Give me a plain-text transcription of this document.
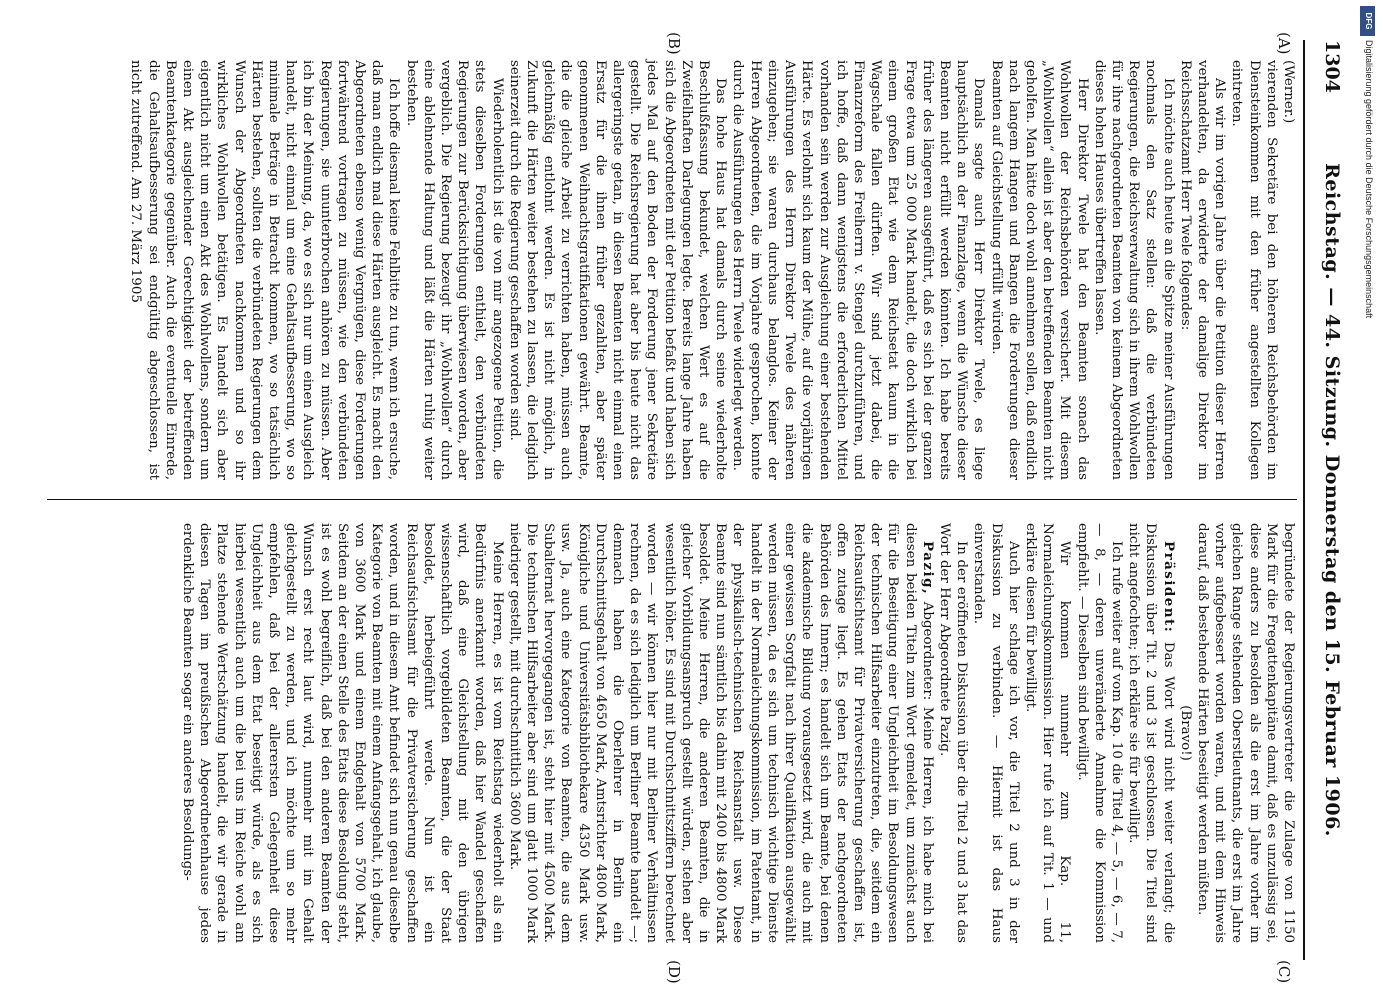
1304
Reichstag. — 44. Sitzung. Donnerstag den 15. Februar 1906.
(A)
(B)
(C)
(D)

(Werner.)

vierenden Sekretäre bei den höheren Reichsbehörden im Diensteinkommen mit den früher angestellten Kollegen eintreten.

Als wir im vorigen Jahre über die Petition dieser Herren verhandelten, da erwiderte der damalige Direktor im Reichsschatzamt Herr Twele folgendes:

Ich möchte auch heute an die Spitze meiner Ausführungen nochmals den Satz stellen: daß die verbündeten Regierungen, die Reichsverwaltung sich in ihrem Wohlwollen für ihre nachgeordneten Beamten von keinem Abgeordneten dieses hohen Hauses übertreffen lassen.

Herr Direktor Twele hat den Beamten sonach das Wohlwollen der Reichsbehörden versichert. Mit diesem „Wohlwollen“ allein ist aber den betreffenden Beamten nicht geholfen. Man hätte doch wohl annehmen sollen, daß endlich nach langem Hangen und Bangen die Forderungen dieser Beamten auf Gleichstellung erfüllt würden.

Damals sagte auch Herr Direktor Twele, es liege hauptsächlich an der Finanzlage, wenn die Wünsche dieser Beamten nicht erfüllt werden könnten. Ich habe bereits früher des längeren ausgeführt, daß es sich bei der ganzen Frage etwa um 25 000 Mark handelt, die doch wirklich bei einem großen Etat wie dem Reichsetat kaum in die Wagschale fallen dürften. Wir sind jetzt dabei, die Finanzreform des Freiherrn v. Stengel durchzuführen, und ich hoffe, daß dann wenigstens die erforderlichen Mittel vorhanden sein werden zur Ausgleichung einer bestehenden Härte. Es verlohnt sich kaum der Mühe, auf die vorjährigen Ausführungen des Herrn Direktor Twele des näheren einzugehen; sie waren durchaus belanglos. Keiner der Herren Abgeordneten, die im Vorjahre gesprochen, konnte durch die Ausführungen des Herrn Twele widerlegt werden.

Das hohe Haus hat damals durch seine wiederholte Beschlußfassung bekundet, welchen Wert es auf die Zweifelhaften Darlegungen legte. Bereits lange Jahre haben sich die Abgeordneten mit der Petition befaßt und haben sich jedes Mal auf den Boden der Forderung jener Sekretäre gestellt. Die Reichsregierung hat aber bis heute nicht das allergeringste getan, in diesen Beamten nicht einmal einen Ersatz für die ihnen früher gezahlten, aber später genommenen Weihnachtsgratifikationen gewährt. Beamte, die die gleiche Arbeit zu verrichten haben, müssen auch gleichmäßig entlohnt werden. Es ist nicht möglich, in Zukunft die Härten weiter bestehen zu lassen, die lediglich seinerzeit durch die Regierung geschaffen worden sind.

Wiederholentlich ist die von mir angezogene Petition, die stets dieselben Forderungen enthielt, den verbündeten Regierungen zur Berücksichtigung überwiesen worden, aber vergeblich. Die Regierung bezeugt ihr „Wohlwollen“ durch eine ablehnende Haltung und läßt die Härten ruhig weiter bestehen.

Ich hoffe diesmal keine Fehlbitte zu tun, wenn ich ersuche, daß man endlich mal diese Härten ausgleicht. Es macht den Abgeordneten ebenso wenig Vergnügen, diese Forderungen fortwährend vortragen zu müssen, wie den verbündeten Regierungen, sie ununterbrochen anhören zu müssen. Aber ich bin der Meinung, da, wo es sich nur um einen Ausgleich handelt, nicht einmal um eine Gehaltsaufbesserung, wo so minimale Beträge in Betracht kommen, wo so tatsächlich Härten bestehen, sollten die verbündeten Regierungen dem Wunsch der Abgeordneten nachkommen und so ihr wirkliches Wohlwollen betätigen. Es handelt sich aber eigentlich nicht um einen Akt des Wohlwollens, sondern um einen Akt ausgleichender Gerechtigkeit der betreffenden Beamtenkategorie gegenüber. Auch die eventuelle Einrede, die Gehaltsaufbesserung sei endgültig abgeschlossen, ist nicht zutreffend. Am 27. März 1905

begründete der Regierungsvertreter die Zulage von 1150 Mark für die Fregattenkapitäne damit, daß es unzulässig sei, diese anders zu besolden als die erst im Jahre vorher im gleichen Range stehenden Oberstleutnants, die erst im Jahre vorher aufgebessert worden waren, und mit dem Hinweis darauf, daß bestehende Härten beseitigt werden müßten.

(Bravo!)

Präsident: Das Wort wird nicht weiter verlangt; die Diskussion über Tit. 2 und 3 ist geschlossen. Die Titel sind nicht angefochten; ich erkläre sie für bewilligt.

Ich rufe weiter auf vom Kap. 10 die Titel 4, — 5, — 6, — 7, — 8, — deren unveränderte Annahme die Kommission empfiehlt. — Dieselben sind bewilligt.

Wir kommen nunmehr zum Kap. 11, Normaleichungskommission. Hier rufe ich auf Tit. 1 — und erkläre diesen für bewilligt.

Auch hier schlage ich vor, die Titel 2 und 3 in der Diskussion zu verbinden. — Hiermit ist das Haus einverstanden.

In der eröffneten Diskussion über die Titel 2 und 3 hat das Wort der Herr Abgeordnete Pazig.

Pazig, Abgeordneter: Meine Herren, ich habe mich bei diesen beiden Titeln zum Wort gemeldet, um zunächst auch für die Beseitigung einer Ungleichheit im Besoldungswesen der technischen Hilfsarbeiter einzutreten, die, seitdem ein Reichsaufsichtsamt für Privatversicherung geschaffen ist, offen zutage liegt. Es gehen Etats der nachgeordneten Behörden des Innern; es handelt sich um Beamte, bei denen die akademische Bildung vorausgesetzt wird, die auch mit einer gewissen Sorgfalt nach ihrer Qualifikation ausgewählt werden müssen, da es sich um technisch wichtige Dienste handelt in der Normaleichungskommission, im Patentamt, in der physikalisch-technischen Reichsanstalt usw. Diese Beamte sind nun sämtlich bis dahin mit 2400 bis 4800 Mark besoldet. Meine Herren, die anderen Beamten, die in gleicher Vorbildungsanspruch gestellt würden, stehen aber wesentlich höher. Es sind mit Durchschnittsziffern berechnet worden — wir können hier nur mit Berliner Verhältnissen rechnen, da es sich lediglich um Berliner Beamte handelt —; demnach haben die Oberlehrer in Berlin ein Durchschnittsgehalt von 4650 Mark, Amtsrichter 4800 Mark, Königliche und Universitätsbibliothekare 4350 Mark usw. usw. Ja, auch eine Kategorie von Beamten, die aus dem Subalternat hervorgegangen ist, steht hier mit 4500 Mark. Die technischen Hilfsarbeiter aber sind um glatt 1000 Mark niedriger gestellt, mit durchschnittlich 3600 Mark.

Meine Herren, es ist vom Reichstag wiederholt als ein Bedürfnis anerkannt worden, daß hier Wandel geschaffen wird, daß eine Gleichstellung mit den übrigen wissenschaftlich vorgebildeten Beamten, die der Staat besoldet, herbeigeführt werde. Nun ist ein Reichsaufsichtsamt für die Privatversicherung geschaffen worden, und in diesem Amt befindet sich nun genau dieselbe Kategorie von Beamten mit einem Anfangsgehalt, ich glaube, von 3600 Mark und einem Endgehalt von 5700 Mark. Seitdem an der einen Stelle des Etats diese Besoldung steht, ist es wohl begreiflich, daß bei den anderen Beamten der Wunsch erst recht laut wird, nunmehr mit im Gehalt gleichgestellt zu werden, und ich möchte um so mehr empfehlen, daß bei der allerersten Gelegenheit diese Ungleichheit aus dem Etat beseitigt würde, als es sich hierbei wesentlich auch um die bei uns im Reiche wohl am Platze stehende Wertschätzung handelt, die wir gerade in diesen Tagen im preußischen Abgeordnetenhause jedes erdenkliche Beamten sogar ein anderes Besoldungs-

DFG
Digitalisierung gefördert durch die Deutsche Forschungsgemeinschaft
